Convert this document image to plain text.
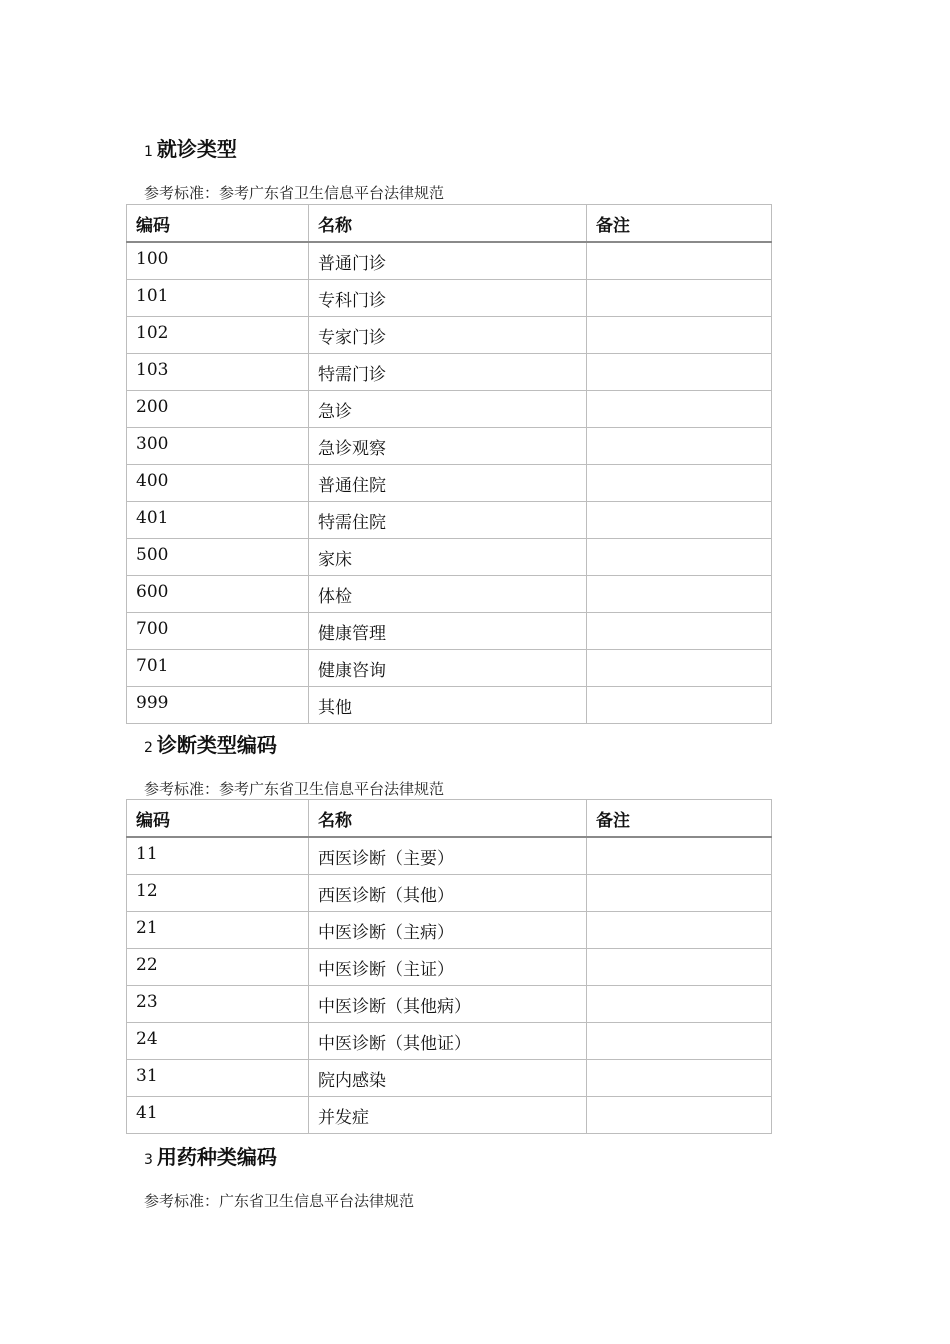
1 就诊类型
参考标准：参考广东省卫生信息平台法律规范
编码	名称	备注
100	普通门诊	
101	专科门诊	
102	专家门诊	
103	特需门诊	
200	急诊	
300	急诊观察	
400	普通住院	
401	特需住院	
500	家床	
600	体检	
700	健康管理	
701	健康咨询	
999	其他	
2 诊断类型编码
参考标准：参考广东省卫生信息平台法律规范
编码	名称	备注
11	西医诊断（主要）	
12	西医诊断（其他）	
21	中医诊断（主病）	
22	中医诊断（主证）	
23	中医诊断（其他病）	
24	中医诊断（其他证）	
31	院内感染	
41	并发症	
3 用药种类编码
参考标准：广东省卫生信息平台法律规范
